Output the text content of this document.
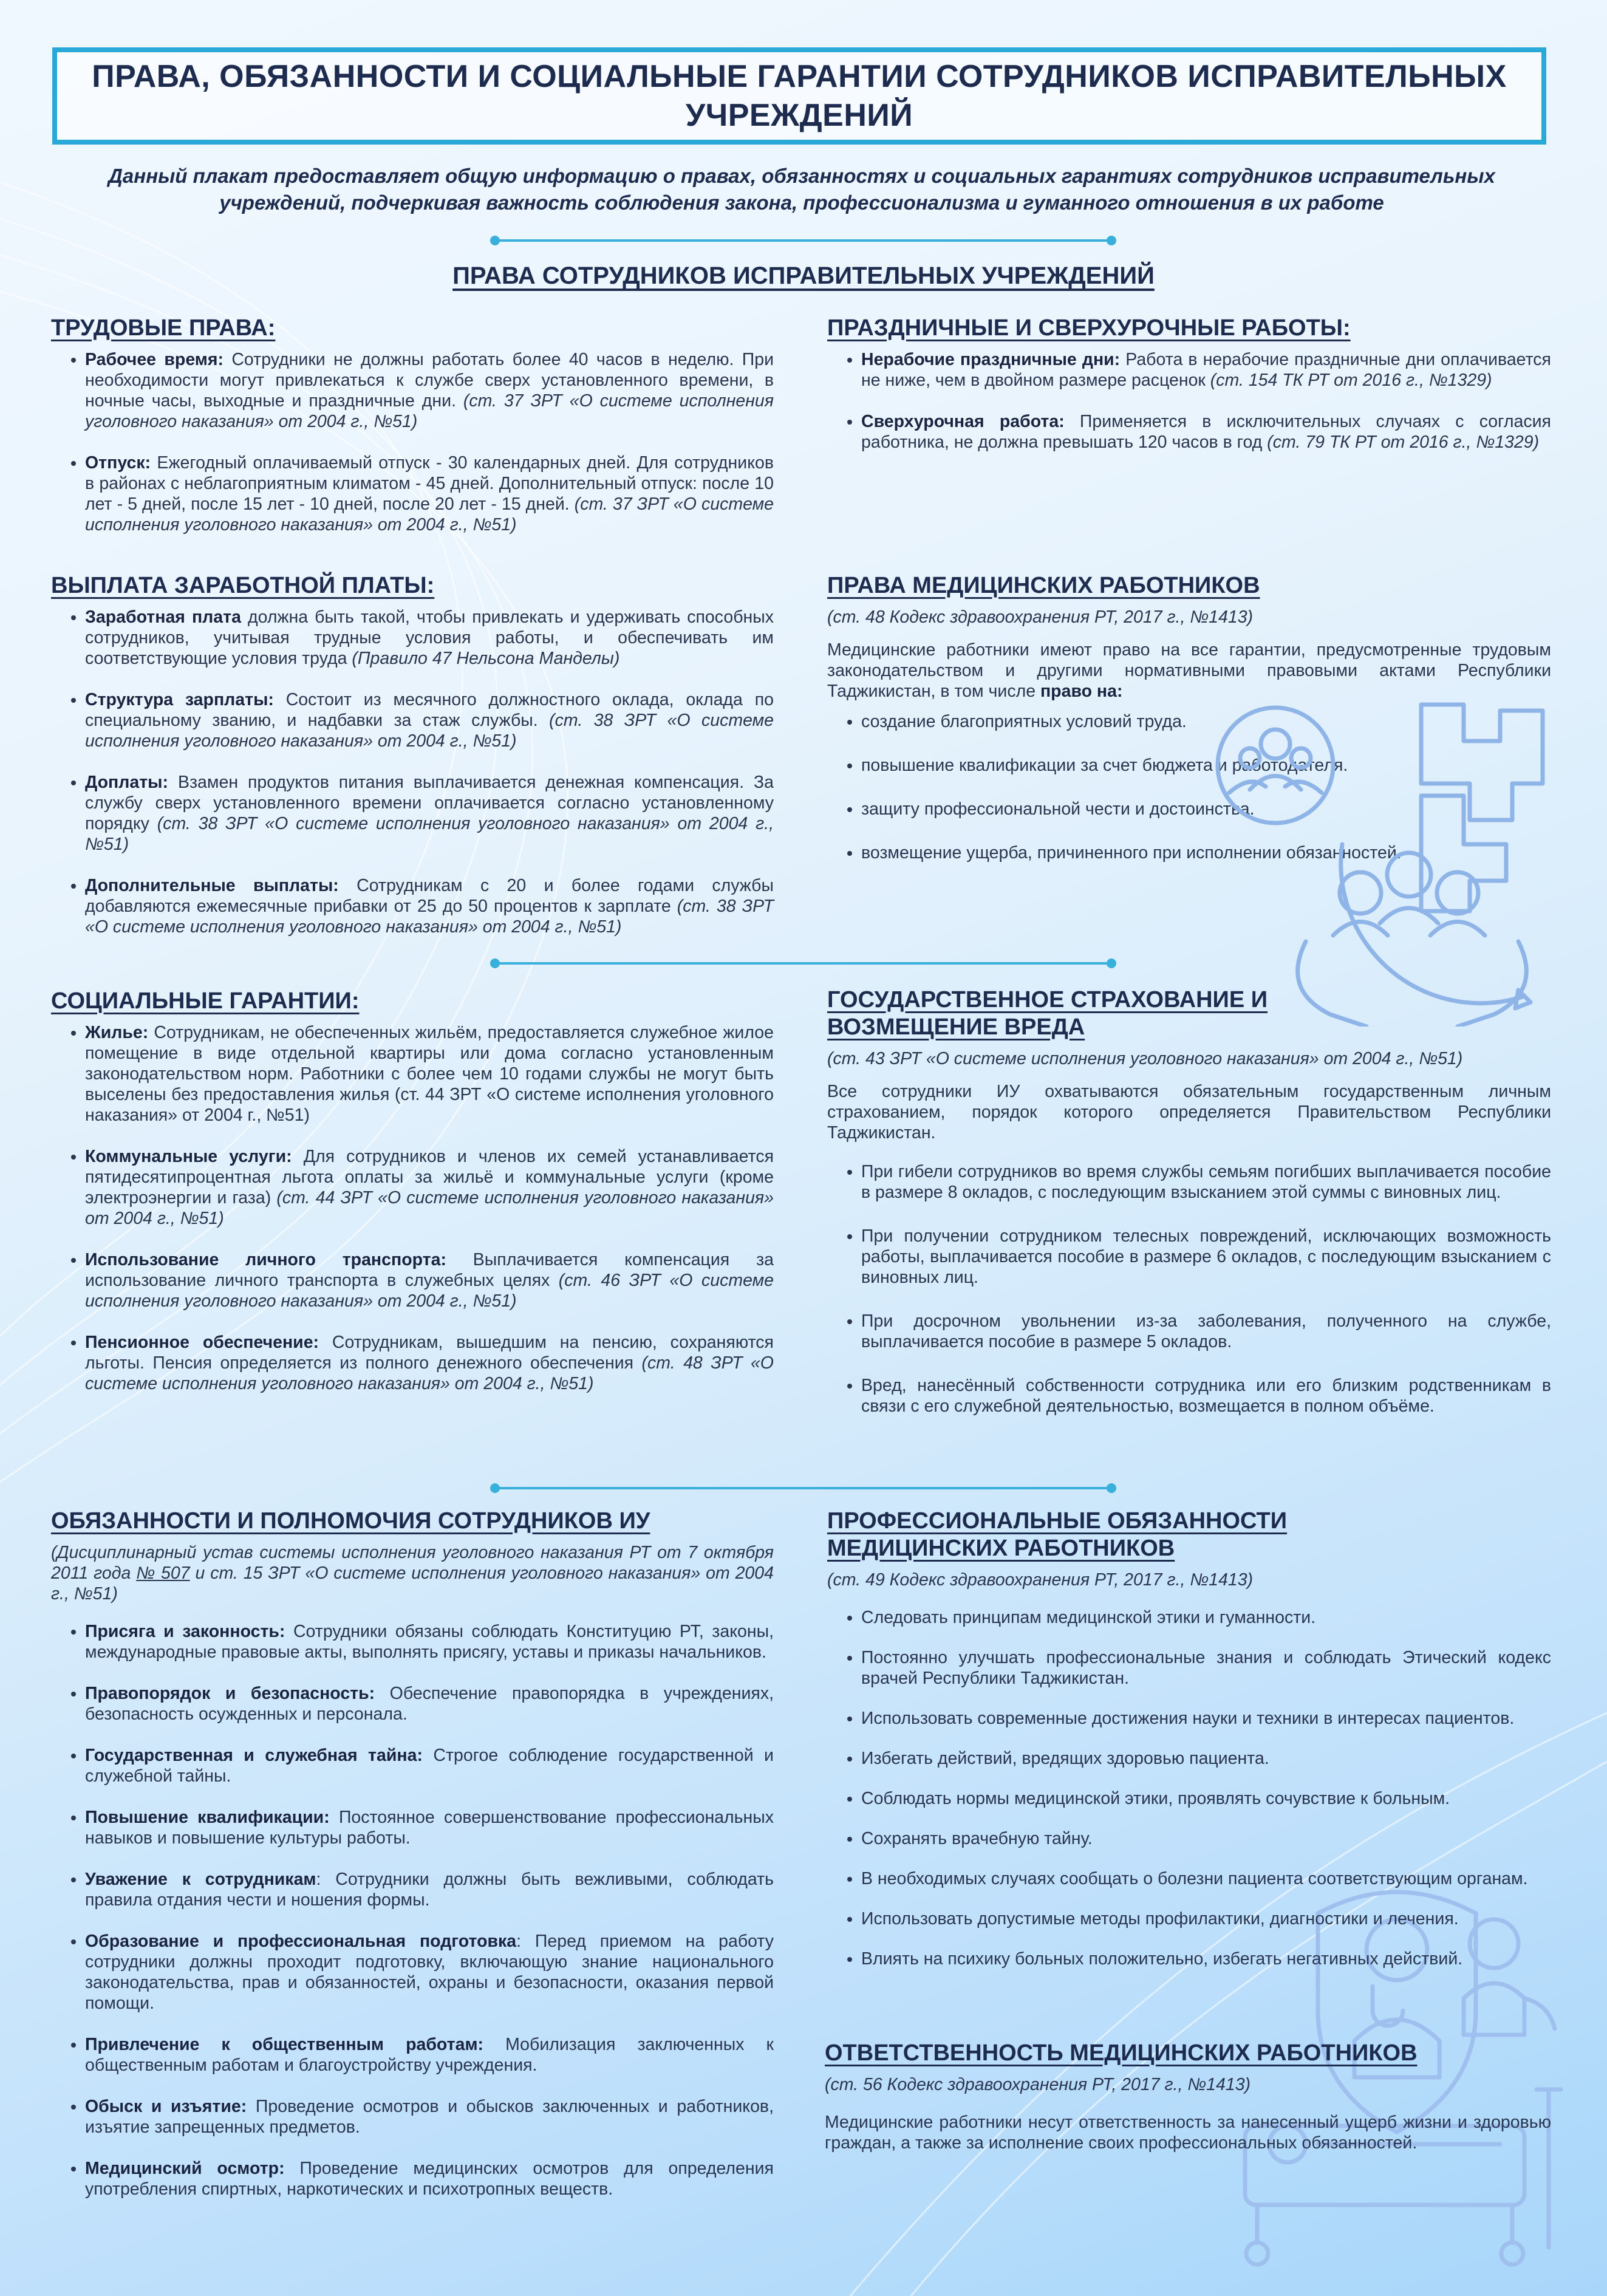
ПРАВА, ОБЯЗАННОСТИ И СОЦИАЛЬНЫЕ ГАРАНТИИ СОТРУДНИКОВ ИСПРАВИТЕЛЬНЫХ УЧРЕЖДЕНИЙ
Данный плакат предоставляет общую информацию о правах, обязанностях и социальных гарантиях сотрудников исправительных учреждений, подчеркивая важность соблюдения закона, профессионализма и гуманного отношения в их работе
ПРАВА СОТРУДНИКОВ ИСПРАВИТЕЛЬНЫХ УЧРЕЖДЕНИЙ
ТРУДОВЫЕ ПРАВА:
• Рабочее время: Сотрудники не должны работать более 40 часов в неделю. При необходимости могут привлекаться к службе сверх установленного времени, в ночные часы, выходные и праздничные дни. (ст. 37 ЗРТ «О системе исполнения уголовного наказания» от 2004 г., №51)
• Отпуск: Ежегодный оплачиваемый отпуск - 30 календарных дней. Для сотрудников в районах с неблагоприятным климатом - 45 дней. Дополнительный отпуск: после 10 лет - 5 дней, после 15 лет - 10 дней, после 20 лет - 15 дней. (ст. 37 ЗРТ «О системе исполнения уголовного наказания» от 2004 г., №51)
ПРАЗДНИЧНЫЕ И СВЕРХУРОЧНЫЕ РАБОТЫ:
• Нерабочие праздничные дни: Работа в нерабочие праздничные дни оплачивается не ниже, чем в двойном размере расценок (ст. 154 ТК РТ от 2016 г., №1329)
• Сверхурочная работа: Применяется в исключительных случаях с согласия работника, не должна превышать 120 часов в год (ст. 79 ТК РТ от 2016 г., №1329)
ВЫПЛАТА ЗАРАБОТНОЙ ПЛАТЫ:
• Заработная плата должна быть такой, чтобы привлекать и удерживать способных сотрудников, учитывая трудные условия работы, и обеспечивать им соответствующие условия труда (Правило 47 Нельсона Манделы)
• Структура зарплаты: Состоит из месячного должностного оклада, оклада по специальному званию, и надбавки за стаж службы. (ст. 38 ЗРТ «О системе исполнения уголовного наказания» от 2004 г., №51)
• Доплаты: Взамен продуктов питания выплачивается денежная компенсация. За службу сверх установленного времени оплачивается согласно установленному порядку (ст. 38 ЗРТ «О системе исполнения уголовного наказания» от 2004 г., №51)
• Дополнительные выплаты: Сотрудникам с 20 и более годами службы добавляются ежемесячные прибавки от 25 до 50 процентов к зарплате (ст. 38 ЗРТ «О системе исполнения уголовного наказания» от 2004 г., №51)
ПРАВА МЕДИЦИНСКИХ РАБОТНИКОВ
(ст. 48 Кодекс здравоохранения РТ, 2017 г., №1413)

Медицинские работники имеют право на все гарантии, предусмотренные трудовым законодательством и другими нормативными правовыми актами Республики Таджикистан, в том числе право на:

• создание благоприятных условий труда.
• повышение квалификации за счет бюджета и работодателя.
• защиту профессиональной чести и достоинства.
• возмещение ущерба, причиненного при исполнении обязанностей.
СОЦИАЛЬНЫЕ ГАРАНТИИ:
• Жилье: Сотрудникам, не обеспеченных жильём, предоставляется служебное жилое помещение в виде отдельной квартиры или дома согласно установленным законодательством норм. Работники с более чем 10 годами службы не могут быть выселены без предоставления жилья (ст. 44 ЗРТ «О системе исполнения уголовного наказания» от 2004 г., №51)
• Коммунальные услуги: Для сотрудников и членов их семей устанавливается пятидесятипроцентная льгота оплаты за жильё и коммунальные услуги (кроме электроэнергии и газа) (ст. 44 ЗРТ «О системе исполнения уголовного наказания» от 2004 г., №51)
• Использование личного транспорта: Выплачивается компенсация за использование личного транспорта в служебных целях (ст. 46 ЗРТ «О системе исполнения уголовного наказания» от 2004 г., №51)
• Пенсионное обеспечение: Сотрудникам, вышедшим на пенсию, сохраняются льготы. Пенсия определяется из полного денежного обеспечения (ст. 48 ЗРТ «О системе исполнения уголовного наказания» от 2004 г., №51)
ГОСУДАРСТВЕННОЕ СТРАХОВАНИЕ И ВОЗМЕЩЕНИЕ ВРЕДА
(ст. 43 ЗРТ «О системе исполнения уголовного наказания» от 2004 г., №51)

Все сотрудники ИУ охватываются обязательным государственным личным страхованием, порядок которого определяется Правительством Республики Таджикистан.

• При гибели сотрудников во время службы семьям погибших выплачивается пособие в размере 8 окладов, с последующим взысканием этой суммы с виновных лиц.
• При получении сотрудником телесных повреждений, исключающих возможность работы, выплачивается пособие в размере 6 окладов, с последующим взысканием с виновных лиц.
• При досрочном увольнении из-за заболевания, полученного на службе, выплачивается пособие в размере 5 окладов.
• Вред, нанесённый собственности сотрудника или его близким родственникам в связи с его служебной деятельностью, возмещается в полном объёме.
ОБЯЗАННОСТИ И ПОЛНОМОЧИЯ СОТРУДНИКОВ ИУ
(Дисциплинарный устав системы исполнения уголовного наказания РТ от 7 октября 2011 года № 507 и ст. 15 ЗРТ «О системе исполнения уголовного наказания» от 2004 г., №51)
• Присяга и законность: Сотрудники обязаны соблюдать Конституцию РТ, законы, международные правовые акты, выполнять присягу, уставы и приказы начальников.
• Правопорядок и безопасность: Обеспечение правопорядка в учреждениях, безопасность осужденных и персонала.
• Государственная и служебная тайна: Строгое соблюдение государственной и служебной тайны.
• Повышение квалификации: Постоянное совершенствование профессиональных навыков и повышение культуры работы.
• Уважение к сотрудникам: Сотрудники должны быть вежливыми, соблюдать правила отдания чести и ношения формы.
• Образование и профессиональная подготовка: Перед приемом на работу сотрудники должны проходит подготовку, включающую знание национального законодательства, прав и обязанностей, охраны и безопасности, оказания первой помощи.
• Привлечение к общественным работам: Мобилизация заключенных к общественным работам и благоустройству учреждения.
• Обыск и изъятие: Проведение осмотров и обысков заключенных и работников, изъятие запрещенных предметов.
• Медицинский осмотр: Проведение медицинских осмотров для определения употребления спиртных, наркотических и психотропных веществ.
ПРОФЕССИОНАЛЬНЫЕ ОБЯЗАННОСТИ МЕДИЦИНСКИХ РАБОТНИКОВ
(ст. 49 Кодекс здравоохранения РТ, 2017 г., №1413)
• Следовать принципам медицинской этики и гуманности.
• Постоянно улучшать профессиональные знания и соблюдать Этический кодекс врачей Республики Таджикистан.
• Использовать современные достижения науки и техники в интересах пациентов.
• Избегать действий, вредящих здоровью пациента.
• Соблюдать нормы медицинской этики, проявлять сочувствие к больным.
• Сохранять врачебную тайну.
• В необходимых случаях сообщать о болезни пациента соответствующим органам.
• Использовать допустимые методы профилактики, диагностики и лечения.
• Влиять на психику больных положительно, избегать негативных действий.
ОТВЕТСТВЕННОСТЬ МЕДИЦИНСКИХ РАБОТНИКОВ
(ст. 56 Кодекс здравоохранения РТ, 2017 г., №1413)

Медицинские работники несут ответственность за нанесенный ущерб жизни и здоровью граждан, а также за исполнение своих профессиональных обязанностей.
